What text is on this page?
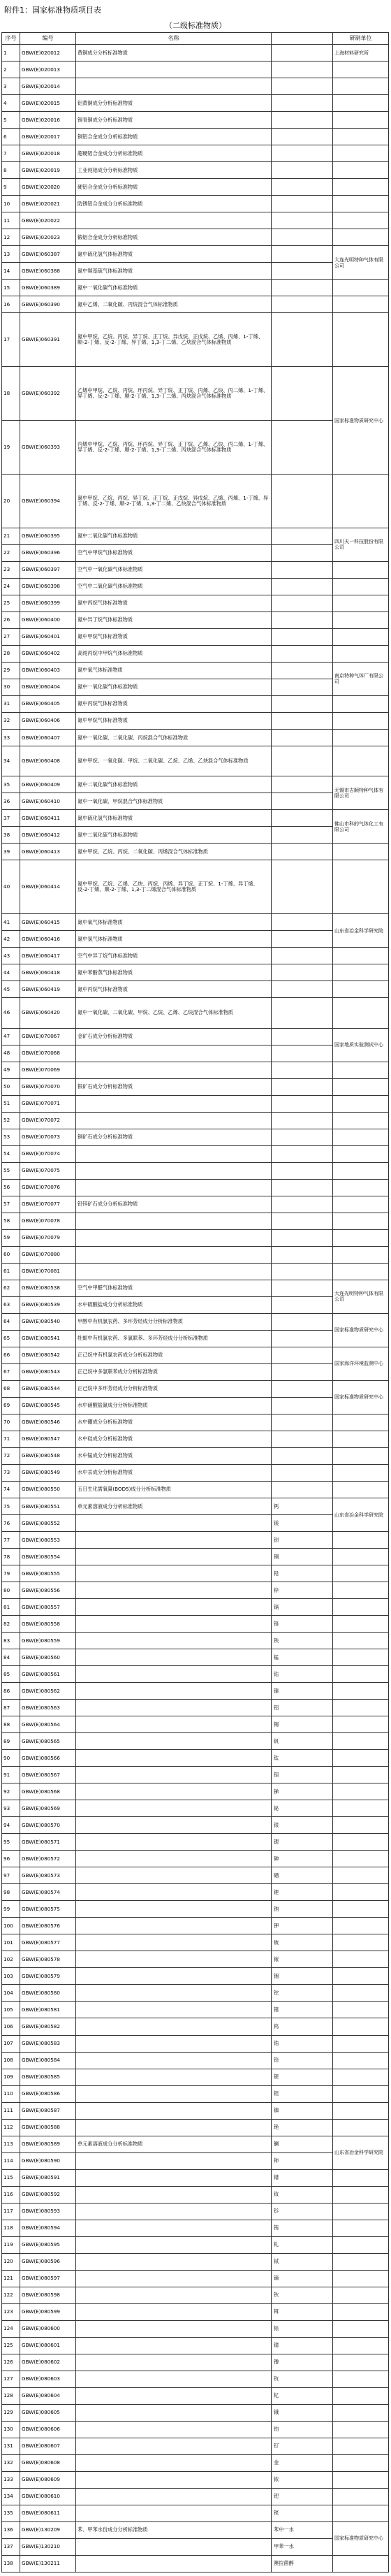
附件1：国家标准物质项目表
（二级标准物质）
序号	编号	名称		研制单位
1	GBW(E)020012	黄铜成分分析标准物质		上海材料研究所
2	GBW(E)020013			
3	GBW(E)020014			
4	GBW(E)020015	铝黄铜成分分析标准物质		
5	GBW(E)020016	锡青铜成分分析标准物质		
6	GBW(E)020017	铜铝合金成分分析标准物质		
7	GBW(E)020018	超硬铝合金成分分析标准物质		
8	GBW(E)020019	工业纯铝成分分析标准物质		
9	GBW(E)020020	硬铝合金成分分析标准物质		
10	GBW(E)020021	防锈铝合金成分分析标准物质		
11	GBW(E)020022			
12	GBW(E)020023	锻铝合金成分分析标准物质		
13	GBW(E)060387	氮中硫化氢气体标准物质		大连光明特种气体有限公司
14	GBW(E)060388	氮中羰基硫气体标准物质		
15	GBW(E)060389	氮中一氧化碳气体标准物质		
16	GBW(E)060390	氮中乙烯、二氧化碳、丙烷混合气体标准物质		
17	GBW(E)060391	氮中甲烷、乙烷、丙烷、异丁烷、正丁烷、异戊烷、正戊烷、乙烯、丙烯、1-丁烯、顺-2-丁烯、反-2-丁烯、异丁烯、1,3-丁二烯、乙炔混合气体标准物质		
18	GBW(E)060392	乙烯中甲烷、乙烷、丙烷、环丙烷、异丁烷、正丁烷、丙烯、乙炔、丙二烯、1-丁烯、异丁烯、反-2-丁烯、顺-2-丁烯、1,3-丁二烯、丙炔混合气体标准物质		国家标准物质研究中心
19	GBW(E)060393	丙烯中甲烷、乙烷、丙烷、环丙烷、异丁烷、正丁烷、乙烯、乙炔、丙二烯、1-丁烯、异丁烯、反-2-丁烯、顺-2-丁烯、1,3-丁二烯、丙炔混合气体标准物质		
20	GBW(E)060394	氮中甲烷、乙烷、丙烷、异丁烷、正丁烷、正戊烷、异戊烷、乙烯、丙烯、1-丁烯、异丁烯、反-2-丁烯、顺-2-丁烯、1,3-丁二烯、乙炔混合气体标准物质		
21	GBW(E)060395	氮中二氧化碳气体标准物质		四川天一科技股份有限公司
22	GBW(E)060396	空气中甲烷气体标准物质		
23	GBW(E)060397	空气中一氧化碳气体标准物质		
24	GBW(E)060398	空气中二氧化碳气体标准物质		
25	GBW(E)060399	氮中丙烷气体标准物质		
26	GBW(E)060400	氮中异丁烷气体标准物质		
27	GBW(E)060401	氮中甲烷气体标准物质		
28	GBW(E)060402	高纯丙烷中甲烷气体标准物质		
29	GBW(E)060403	氮中氧气体标准物质		南京特种气体厂有限公司
30	GBW(E)060404	氮中一氧化碳气体标准物质		
31	GBW(E)060405	氮中丙烷气体标准物质		
32	GBW(E)060406	氮中甲烷气体标准物质		
33	GBW(E)060407	氮中一氧化碳、二氧化碳、丙烷混合气体标准物质		
34	GBW(E)060408	氮中甲烷、一氧化碳、甲烷、二氧化碳、乙烷、乙烯、乙炔混合气体标准物质		
35	GBW(E)060409	氮中二氧化碳气体标准物质		无锡市吉顺特种气体有限公司
36	GBW(E)060410	氮中一氧化碳、甲烷混合气体标准物质		
37	GBW(E)060411	氮中硫化氢气体标准物质		佛山市科的气体化工有限公司
38	GBW(E)060412	氮中二氧化硫气体标准物质		
39	GBW(E)060413	氮中甲烷、乙烷、丙烷、二氧化碳、丙烯混合气体标准物质		
40	GBW(E)060414	氮中甲烷、乙烷、乙烯、乙炔、丙烷、丙烯、异丁烷、正丁烷、1-丁烯、异丁烯、反-2-丁烯、顺-2-丁烯、1,3-丁二烯混合气体标准物质		
41	GBW(E)060415	氮中氧气体标准物质		山东省冶金科学研究院
42	GBW(E)060416	氮中氢气体标准物质		
43	GBW(E)060417	空气中异丁烷气体标准物质		
44	GBW(E)060418	氮中苯酚蒸气体标准物质		
45	GBW(E)060419	氮中丙烷气体标准物质		
46	GBW(E)060420	氮中一氧化碳、二氧化碳、甲烷、乙烷、乙烯、乙炔混合气体标准物质		
47	GBW(E)070067	金矿石成分分析标准物质		国家地质实验测试中心
48	GBW(E)070068			
49	GBW(E)070069			
50	GBW(E)070070	银矿石成分分析标准物质		
51	GBW(E)070071			
52	GBW(E)070072			
53	GBW(E)070073	铜矿石成分分析标准物质		
54	GBW(E)070074			
55	GBW(E)070075			
56	GBW(E)070076			
57	GBW(E)070077	铅锌矿石成分分析标准物质		
58	GBW(E)070078			
59	GBW(E)070079			
60	GBW(E)070080			
61	GBW(E)070081			
62	GBW(E)080538	空气中甲醛气体标准物质		大连光明特种气体有限公司
63	GBW(E)080539	水中硫酸盐成分分析标准物质		
64	GBW(E)080540	甲醇中有机氯农药、多环芳烃成分分析标准物质		国家标准物质研究中心
65	GBW(E)080541	牡蛎中有机氯农药、多氯联苯、多环芳烃成分分析标准物质		
66	GBW(E)080542	正己烷中有机氯农药成分分析标准物质		国家海洋环境监测中心
67	GBW(E)080543	正己烷中多氯联苯成分分析标准物质		
68	GBW(E)080544	正己烷中多环芳烃成分分析标准物质		国家标准物质研究中心
69	GBW(E)080545	水中硝酸盐氮成分分析标准物质		
70	GBW(E)080546	水中硼成分分析标准物质		
71	GBW(E)080547	水中硅成分分析标准物质		
72	GBW(E)080548	水中锰成分分析标准物质		
73	GBW(E)080549	水中汞成分分析标准物质		
74	GBW(E)080550	五日生化需氧量(BOD5)成分分析标准物质		
75	GBW(E)080551	单元素溶液成分分析标准物质	钙	山东省冶金科学研究院
76	GBW(E)080552		镁	
77	GBW(E)080553		钡	
78	GBW(E)080554		铜	
79	GBW(E)080555		铅	
80	GBW(E)080556		锌	
81	GBW(E)080557		镉	
82	GBW(E)080558		铬	
83	GBW(E)080559		铁	
84	GBW(E)080560		锰	
85	GBW(E)080561		钴	
86	GBW(E)080562		镍	
87	GBW(E)080563		铝	
88	GBW(E)080564		锡	
89	GBW(E)080565		钒	
90	GBW(E)080566		钛	
91	GBW(E)080567		钼	
92	GBW(E)080568		锑	
93	GBW(E)080569		铋	
94	GBW(E)080570		银	
95	GBW(E)080571		锶	
96	GBW(E)080572		砷	
97	GBW(E)080573		硒	
98	GBW(E)080574		锂	
99	GBW(E)080575		钠	
100	GBW(E)080576		钾	
101	GBW(E)080577		铍	
102	GBW(E)080578		镓	
103	GBW(E)080579		铟	
104	GBW(E)080580		铊	
105	GBW(E)080581		锗	
106	GBW(E)080582		钨	
107	GBW(E)080583		锆	
108	GBW(E)080584		铪	
109	GBW(E)080585		铌	
110	GBW(E)080586		钽	
111	GBW(E)080587		铷	
112	GBW(E)080588		铯	
113	GBW(E)080589	单元素溶液成分分析标准物质	镧	山东省冶金科学研究院
114	GBW(E)080590		铈	
115	GBW(E)080591		镨	
116	GBW(E)080592		钕	
117	GBW(E)080593		钐	
118	GBW(E)080594		铕	
119	GBW(E)080595		钆	
120	GBW(E)080596		铽	
121	GBW(E)080597		镝	
122	GBW(E)080598		钬	
123	GBW(E)080599		铒	
124	GBW(E)080600		铥	
125	GBW(E)080601		镱	
126	GBW(E)080602		镥	
127	GBW(E)080603		钪	
128	GBW(E)080604		钇	
129	GBW(E)080605		锇	
130	GBW(E)080606		铂	
131	GBW(E)080607		钌	
132	GBW(E)080608		金	
133	GBW(E)080609		铱	
134	GBW(E)080610		钯	
135	GBW(E)080611		铑	
136	GBW(E)130209	苯、甲苯水份成分分析标准物质	苯中一水	国家标准物质研究中心
137	GBW(E)130210		甲苯一水	
138	GBW(E)130211		澳拉菌醇	
